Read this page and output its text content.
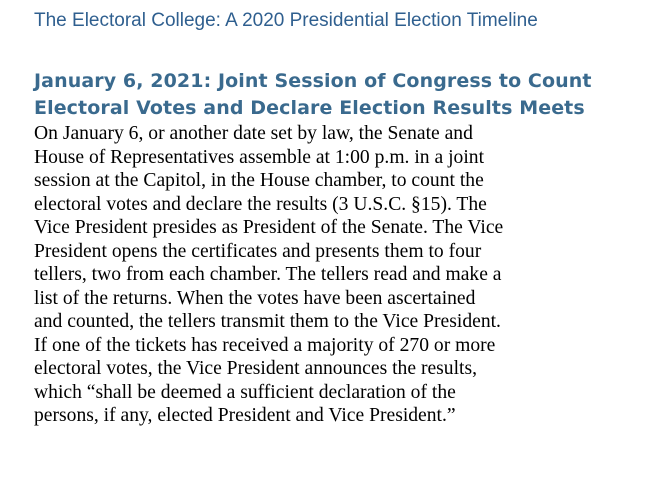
The Electoral College: A 2020 Presidential Election Timeline
January 6, 2021: Joint Session of Congress to Count
Electoral Votes and Declare Election Results Meets

On January 6, or another date set by law, the Senate and
House of Representatives assemble at 1:00 p.m. in a joint
session at the Capitol, in the House chamber, to count the
electoral votes and declare the results (3 U.S.C. §15). The
Vice President presides as President of the Senate. The Vice
President opens the certificates and presents them to four
tellers, two from each chamber. The tellers read and make a
list of the returns. When the votes have been ascertained
and counted, the tellers transmit them to the Vice President.
If one of the tickets has received a majority of 270 or more
electoral votes, the Vice President announces the results,
which “shall be deemed a sufficient declaration of the
persons, if any, elected President and Vice President.”
